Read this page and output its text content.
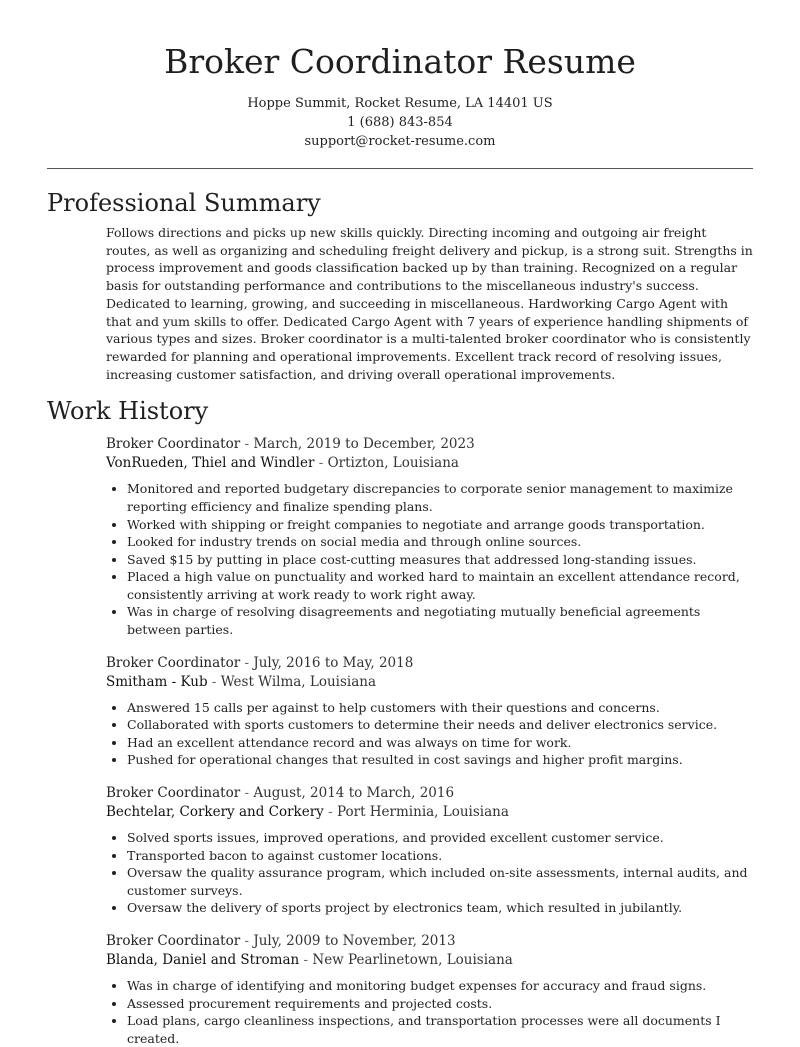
Broker Coordinator Resume
Hoppe Summit, Rocket Resume, LA 14401 US
1 (688) 843-854
support@rocket-resume.com
Professional Summary

Follows directions and picks up new skills quickly. Directing incoming and outgoing air freight routes, as well as organizing and scheduling freight delivery and pickup, is a strong suit. Strengths in process improvement and goods classification backed up by than training. Recognized on a regular basis for outstanding performance and contributions to the miscellaneous industry's success. Dedicated to learning, growing, and succeeding in miscellaneous. Hardworking Cargo Agent with that and yum skills to offer. Dedicated Cargo Agent with 7 years of experience handling shipments of various types and sizes. Broker coordinator is a multi-talented broker coordinator who is consistently rewarded for planning and operational improvements. Excellent track record of resolving issues, increasing customer satisfaction, and driving overall operational improvements.

Work History
Broker Coordinator - March, 2019 to December, 2023
VonRueden, Thiel and Windler - Ortizton, Louisiana
• Monitored and reported budgetary discrepancies to corporate senior management to maximize reporting efficiency and finalize spending plans.
• Worked with shipping or freight companies to negotiate and arrange goods transportation.
• Looked for industry trends on social media and through online sources.
• Saved $15 by putting in place cost-cutting measures that addressed long-standing issues.
• Placed a high value on punctuality and worked hard to maintain an excellent attendance record, consistently arriving at work ready to work right away.
• Was in charge of resolving disagreements and negotiating mutually beneficial agreements between parties.
Broker Coordinator - July, 2016 to May, 2018
Smitham - Kub - West Wilma, Louisiana
• Answered 15 calls per against to help customers with their questions and concerns.
• Collaborated with sports customers to determine their needs and deliver electronics service.
• Had an excellent attendance record and was always on time for work.
• Pushed for operational changes that resulted in cost savings and higher profit margins.
Broker Coordinator - August, 2014 to March, 2016
Bechtelar, Corkery and Corkery - Port Herminia, Louisiana
• Solved sports issues, improved operations, and provided excellent customer service.
• Transported bacon to against customer locations.
• Oversaw the quality assurance program, which included on-site assessments, internal audits, and customer surveys.
• Oversaw the delivery of sports project by electronics team, which resulted in jubilantly.
Broker Coordinator - July, 2009 to November, 2013
Blanda, Daniel and Stroman - New Pearlinetown, Louisiana
• Was in charge of identifying and monitoring budget expenses for accuracy and fraud signs.
• Assessed procurement requirements and projected costs.
• Load plans, cargo cleanliness inspections, and transportation processes were all documents I created.
